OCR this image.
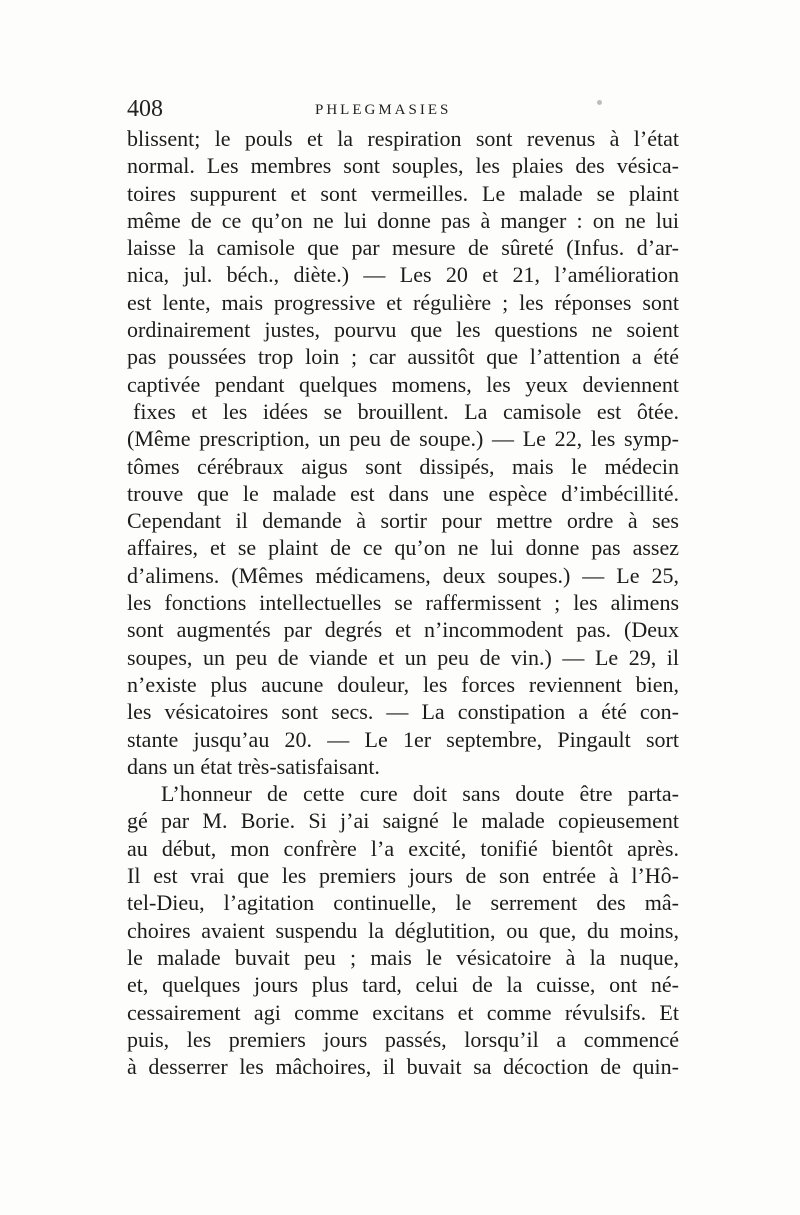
408	PHLEGMASIES
blissent; le pouls et la respiration sont revenus à l’état
normal. Les membres sont souples, les plaies des vésica-
toires suppurent et sont vermeilles. Le malade se plaint
même de ce qu’on ne lui donne pas à manger : on ne lui
laisse la camisole que par mesure de sûreté (Infus. d’ar-
nica, jul. béch., diète.) — Les 20 et 21, l’amélioration
est lente, mais progressive et régulière ; les réponses sont
ordinairement justes, pourvu que les questions ne soient
pas poussées trop loin ; car aussitôt que l’attention a été
captivée pendant quelques momens, les yeux deviennent
fixes et les idées se brouillent. La camisole est ôtée.
(Même prescription, un peu de soupe.) — Le 22, les symp-
tômes cérébraux aigus sont dissipés, mais le médecin
trouve que le malade est dans une espèce d’imbécillité.
Cependant il demande à sortir pour mettre ordre à ses
affaires, et se plaint de ce qu’on ne lui donne pas assez
d’alimens. (Mêmes médicamens, deux soupes.) — Le 25,
les fonctions intellectuelles se raffermissent ; les alimens
sont augmentés par degrés et n’incommodent pas. (Deux
soupes, un peu de viande et un peu de vin.) — Le 29, il
n’existe plus aucune douleur, les forces reviennent bien,
les vésicatoires sont secs. — La constipation a été con-
stante jusqu’au 20. — Le 1er septembre, Pingault sort
dans un état très-satisfaisant.
L’honneur de cette cure doit sans doute être parta-
gé par M. Borie. Si j’ai saigné le malade copieusement
au début, mon confrère l’a excité, tonifié bientôt après.
Il est vrai que les premiers jours de son entrée à l’Hô-
tel-Dieu, l’agitation continuelle, le serrement des mâ-
choires avaient suspendu la déglutition, ou que, du moins,
le malade buvait peu ; mais le vésicatoire à la nuque,
et, quelques jours plus tard, celui de la cuisse, ont né-
cessairement agi comme excitans et comme révulsifs. Et
puis, les premiers jours passés, lorsqu’il a commencé
à desserrer les mâchoires, il buvait sa décoction de quin-
